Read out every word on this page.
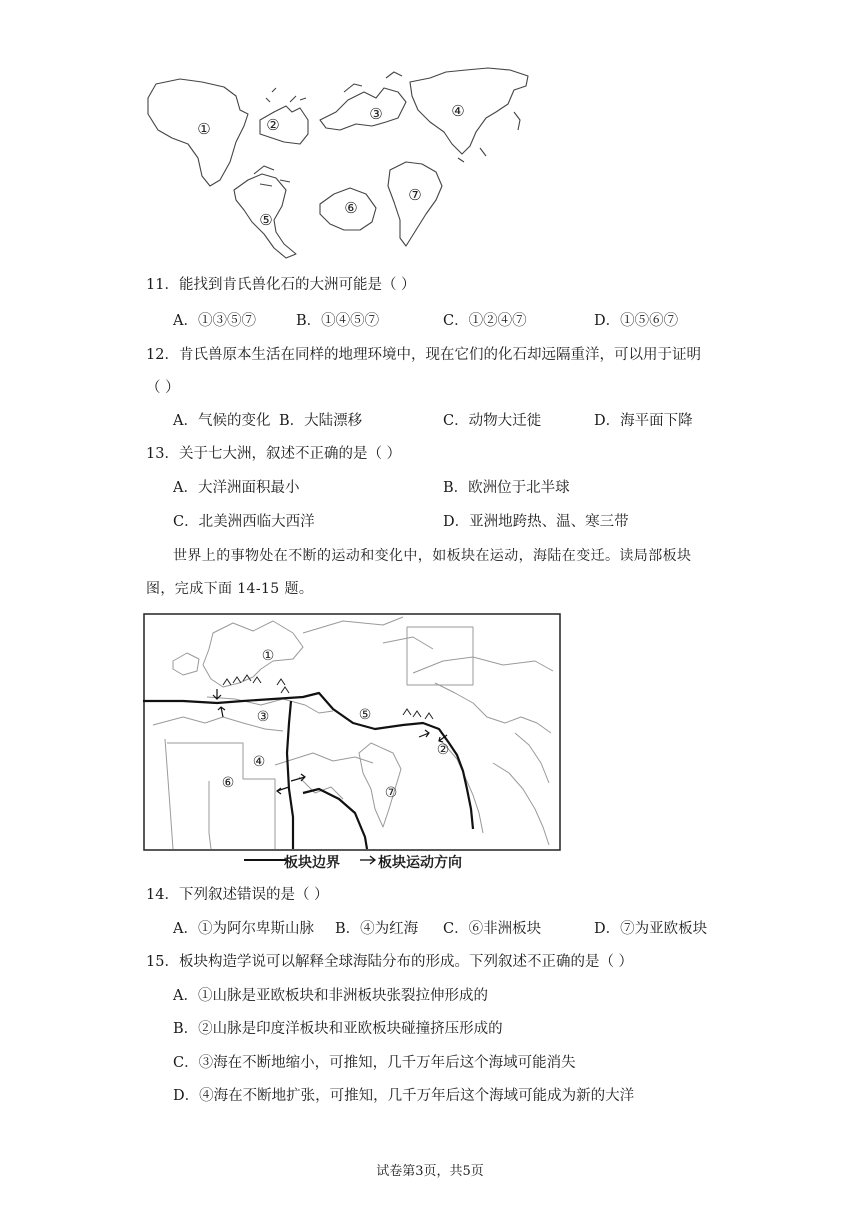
①	②
③	④
⑤
⑥
⑦
11．能找到肯氏兽化石的大洲可能是（ ）
A．①③⑤⑦	B．①④⑤⑦	C．①②④⑦	D．①⑤⑥⑦
12．肯氏兽原本生活在同样的地理环境中，现在它们的化石却远隔重洋，可以用于证明
（ ）
A．气候的变化 B．大陆漂移	C．动物大迁徙	D．海平面下降
13．关于七大洲，叙述不正确的是（ ）
A．大洋洲面积最小	B．欧洲位于北半球
C．北美洲西临大西洋	D．亚洲地跨热、温、寒三带
世界上的事物处在不断的运动和变化中，如板块在运动，海陆在变迁。读局部板块
图，完成下面 14-15 题。
①
②
③
④
⑤
⑥
⑦
板块边界	板块运动方向
14．下列叙述错误的是（ ）
A．①为阿尔卑斯山脉 B．④为红海 C．⑥非洲板块	D．⑦为亚欧板块
15．板块构造学说可以解释全球海陆分布的形成。下列叙述不正确的是（ ）
A．①山脉是亚欧板块和非洲板块张裂拉伸形成的
B．②山脉是印度洋板块和亚欧板块碰撞挤压形成的
C．③海在不断地缩小，可推知，几千万年后这个海域可能消失
D．④海在不断地扩张，可推知，几千万年后这个海域可能成为新的大洋
试卷第3页，共5页
